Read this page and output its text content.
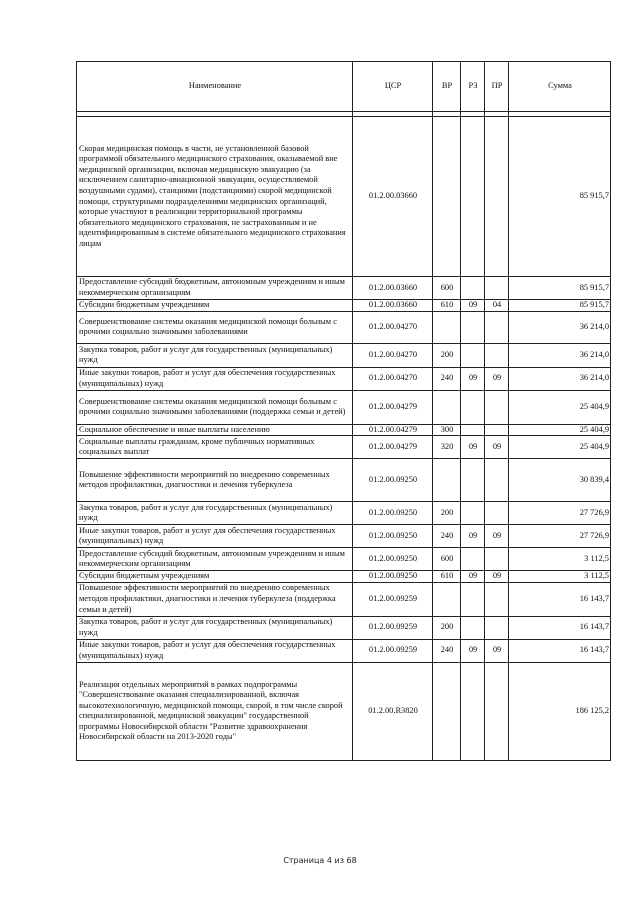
Наименование	ЦСР	ВР	РЗ	ПР	Сумма

Скорая медицинская помощь в части, не установленной базовой программой обязательного медицинского страхования, оказываемой вне медицинской организации, включая медицинскую эвакуацию (за исключением санитарно-авиационной эвакуации, осуществляемой воздушными судами), станциями (подстанциями) скорой медицинской помощи, структурными подразделениями медицинских организаций, которые участвуют в реализации территориальной программы обязательного медицинского страхования, не застрахованным и не идентифицированным в системе обязательного медицинского страхования лицам	01.2.00.03660				85 915,7
Предоставление субсидий бюджетным, автономным учреждениям и иным некоммерческим организациям	01.2.00.03660	600			85 915,7
Субсидии бюджетным учреждениям	01.2.00.03660	610	09	04	85 915,7
Совершенствование системы оказания медицинской помощи больным с прочими социально значимыми заболеваниями	01.2.00.04270				36 214,0
Закупка товаров, работ и услуг для государственных (муниципальных) нужд	01.2.00.04270	200			36 214,0
Иные закупки товаров, работ и услуг для обеспечения государственных (муниципальных) нужд	01.2.00.04270	240	09	09	36 214,0
Совершенствование системы оказания медицинской помощи больным с прочими социально значимыми заболеваниями (поддержка семьи и детей)	01.2.00.04279				25 404,9
Социальное обеспечение и иные выплаты населению	01.2.00.04279	300			25 404,9
Социальные выплаты гражданам, кроме публичных нормативных социальных выплат	01.2.00.04279	320	09	09	25 404,9
Повышение эффективности мероприятий по внедрению современных методов профилактики, диагностики и лечения туберкулеза	01.2.00.09250				30 839,4
Закупка товаров, работ и услуг для государственных (муниципальных) нужд	01.2.00.09250	200			27 726,9
Иные закупки товаров, работ и услуг для обеспечения государственных (муниципальных) нужд	01.2.00.09250	240	09	09	27 726,9
Предоставление субсидий бюджетным, автономным учреждениям и иным некоммерческим организациям	01.2.00.09250	600			3 112,5
Субсидии бюджетным учреждениям	01.2.00.09250	610	09	09	3 112,5
Повышение эффективности мероприятий по внедрению современных методов профилактики, диагностики и лечения туберкулеза (поддержка семьи и детей)	01.2.00.09259				16 143,7
Закупка товаров, работ и услуг для государственных (муниципальных) нужд	01.2.00.09259	200			16 143,7
Иные закупки товаров, работ и услуг для обеспечения государственных (муниципальных) нужд	01.2.00.09259	240	09	09	16 143,7
Реализация отдельных мероприятий в рамках подпрограммы "Совершенствование оказания специализированной, включая высокотехнологичную, медицинской помощи, скорой, в том числе скорой специализированной, медицинской эвакуации" государственной программы Новосибирской области "Развитие здравоохранения Новосибирской области на 2013-2020 годы"	01.2.00.R3820				186 125,2
Страница 4 из 68
